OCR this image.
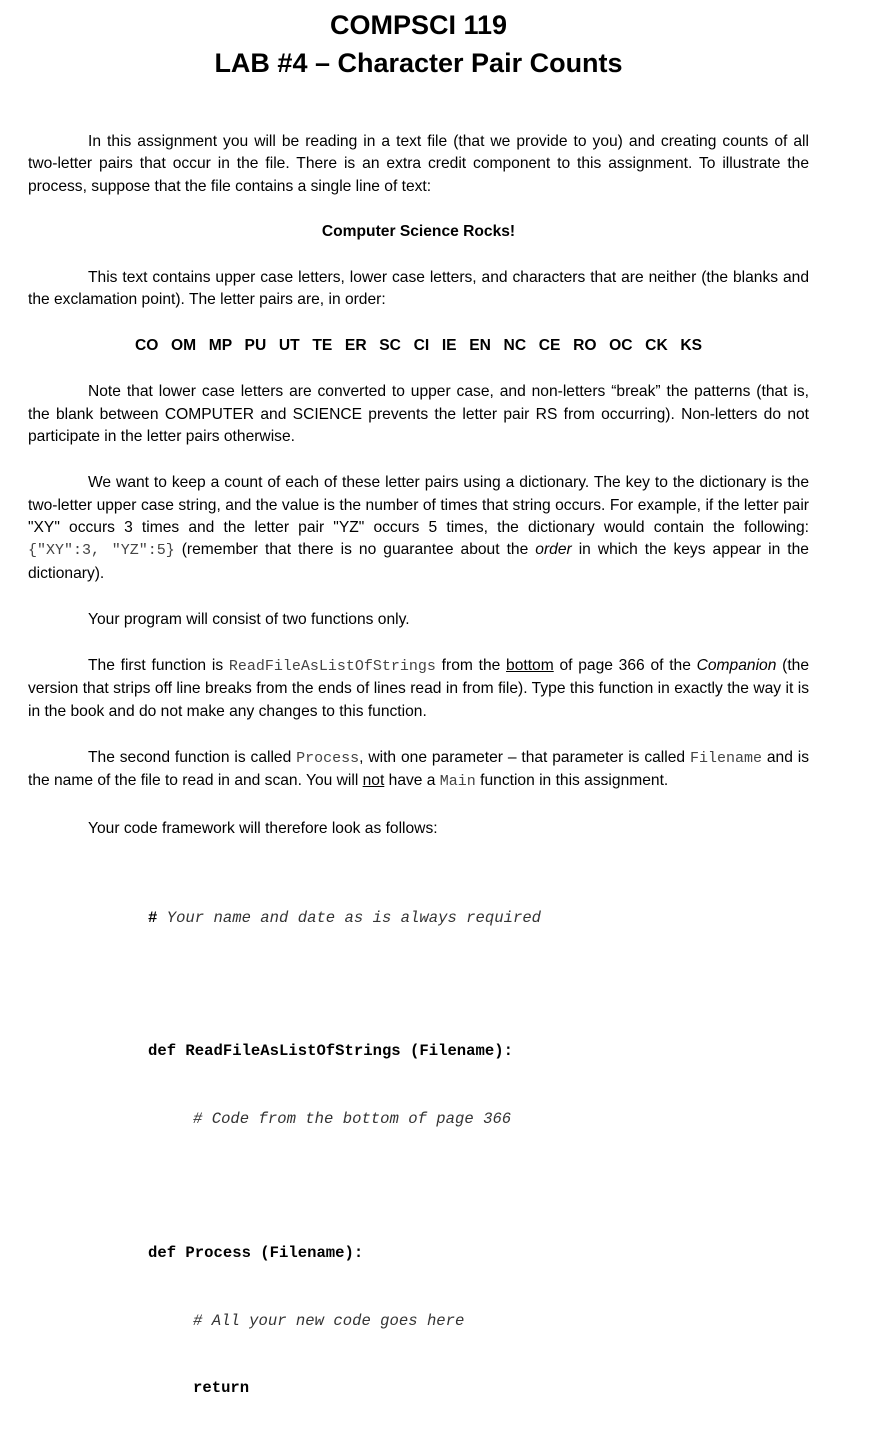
COMPSCI 119
LAB #4 – Character Pair Counts

In this assignment you will be reading in a text file (that we provide to you) and creating counts of all two-letter pairs that occur in the file. There is an extra credit component to this assignment. To illustrate the process, suppose that the file contains a single line of text:

Computer Science Rocks!

This text contains upper case letters, lower case letters, and characters that are neither (the blanks and the exclamation point). The letter pairs are, in order:

CO  OM  MP  PU  UT  TE  ER  SC  CI  IE  EN  NC  CE  RO  OC  CK  KS

Note that lower case letters are converted to upper case, and non-letters “break” the patterns (that is, the blank between COMPUTER and SCIENCE prevents the letter pair RS from occurring). Non-letters do not participate in the letter pairs otherwise.

We want to keep a count of each of these letter pairs using a dictionary. The key to the dictionary is the two-letter upper case string, and the value is the number of times that string occurs. For example, if the letter pair "XY" occurs 3 times and the letter pair "YZ" occurs 5 times, the dictionary would contain the following: {"XY":3, "YZ":5} (remember that there is no guarantee about the order in which the keys appear in the dictionary).

Your program will consist of two functions only.

The first function is ReadFileAsListOfStrings from the bottom of page 366 of the Companion (the version that strips off line breaks from the ends of lines read in from file). Type this function in exactly the way it is in the book and do not make any changes to this function.

The second function is called Process, with one parameter – that parameter is called Filename and is the name of the file to read in and scan. You will not have a Main function in this assignment.

Your code framework will therefore look as follows:

# Your name and date as is always required

def ReadFileAsListOfStrings (Filename):

# Code from the bottom of page 366

def Process (Filename):

# All your new code goes here

return
